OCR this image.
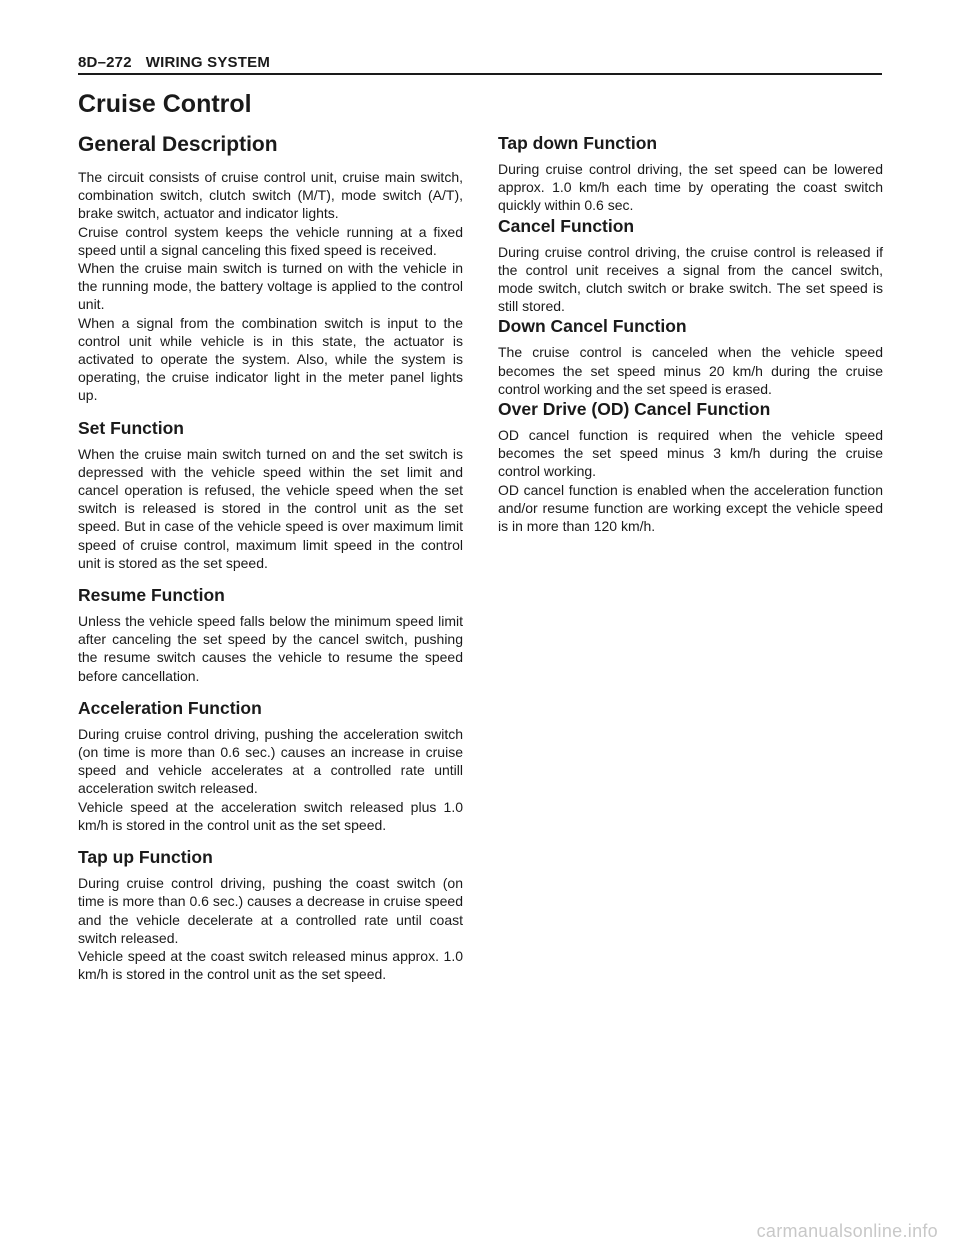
8D–272 WIRING SYSTEM
Cruise Control
General Description

The circuit consists of cruise control unit, cruise main switch, combination switch, clutch switch (M/T), mode switch (A/T), brake switch, actuator and indicator lights.

Cruise control system keeps the vehicle running at a fixed speed until a signal canceling this fixed speed is received.

When the cruise main switch is turned on with the vehicle in the running mode, the battery voltage is applied to the control unit.

When a signal from the combination switch is input to the control unit while vehicle is in this state, the actuator is activated to operate the system. Also, while the system is operating, the cruise indicator light in the meter panel lights up.

Set Function

When the cruise main switch turned on and the set switch is depressed with the vehicle speed within the set limit and cancel operation is refused, the vehicle speed when the set switch is released is stored in the control unit as the set speed. But in case of the vehicle speed is over maximum limit speed of cruise control, maximum limit speed in the control unit is stored as the set speed.

Resume Function

Unless the vehicle speed falls below the minimum speed limit after canceling the set speed by the cancel switch, pushing the resume switch causes the vehicle to resume the speed before cancellation.

Acceleration Function

During cruise control driving, pushing the acceleration switch (on time is more than 0.6 sec.) causes an increase in cruise speed and vehicle accelerates at a controlled rate untill acceleration switch released.

Vehicle speed at the acceleration switch released plus 1.0 km/h is stored in the control unit as the set speed.

Tap up Function

During cruise control driving, pushing the coast switch (on time is more than 0.6 sec.) causes a decrease in cruise speed and the vehicle decelerate at a controlled rate until coast switch released.

Vehicle speed at the coast switch released minus approx. 1.0 km/h is stored in the control unit as the set speed.

Tap down Function

During cruise control driving, the set speed can be lowered approx. 1.0 km/h each time by operating the coast switch quickly within 0.6 sec.

Cancel Function

During cruise control driving, the cruise control is released if the control unit receives a signal from the cancel switch, mode switch, clutch switch or brake switch. The set speed is still stored.

Down Cancel Function

The cruise control is canceled when the vehicle speed becomes the set speed minus 20 km/h during the cruise control working and the set speed is erased.

Over Drive (OD) Cancel Function

OD cancel function is required when the vehicle speed becomes the set speed minus 3 km/h during the cruise control working.

OD cancel function is enabled when the acceleration function and/or resume function are working except the vehicle speed is in more than 120 km/h.

carmanualsonline.info
